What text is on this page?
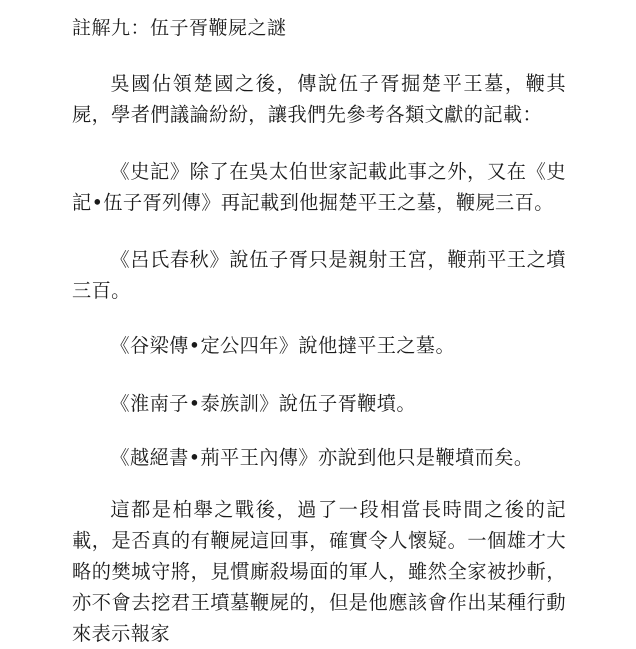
註解九：伍子胥鞭屍之謎

吳國佔領楚國之後，傳說伍子胥掘楚平王墓，鞭其屍，學者們議論紛紛，讓我們先參考各類文獻的記載：

《史記》除了在吳太伯世家記載此事之外，又在《史記•伍子胥列傳》再記載到他掘楚平王之墓，鞭屍三百。

《呂氏春秋》說伍子胥只是親射王宮，鞭荊平王之墳三百。

《谷梁傳•定公四年》說他撻平王之墓。

《淮南子•泰族訓》說伍子胥鞭墳。

《越絕書•荊平王內傳》亦說到他只是鞭墳而矣。

這都是柏舉之戰後，過了一段相當長時間之後的記載，是否真的有鞭屍這回事，確實令人懷疑。一個雄才大略的樊城守將，見慣廝殺場面的軍人，雖然全家被抄斬，亦不會去挖君王墳墓鞭屍的，但是他應該會作出某種行動來表示報家
